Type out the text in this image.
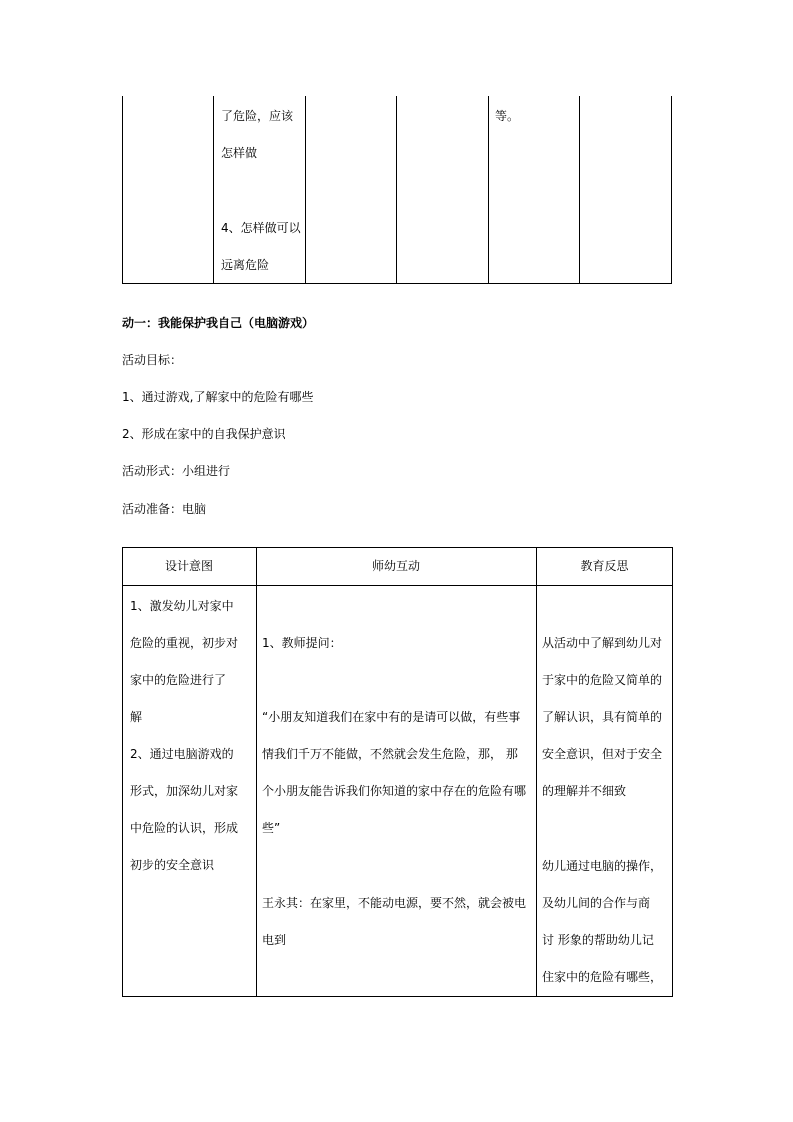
了危险，应该
怎样做
4、怎样做可以
远离危险
等。
动一：我能保护我自己（电脑游戏）
活动目标：
1、通过游戏,了解家中的危险有哪些
2、形成在家中的自我保护意识
活动形式：小组进行
活动准备：电脑
设计意图	师幼互动	教育反思
1、激发幼儿对家中
危险的重视，初步对
家中的危险进行了
解
2、通过电脑游戏的
形式，加深幼儿对家
中危险的认识，形成
初步的安全意识
1、教师提问：
“小朋友知道我们在家中有的是请可以做，有些事
情我们千万不能做，不然就会发生危险，那， 那
个小朋友能告诉我们你知道的家中存在的危险有哪
些”
王永其：在家里，不能动电源，要不然，就会被电
电到
从活动中了解到幼儿对
于家中的危险又简单的
了解认识，具有简单的
安全意识，但对于安全
的理解并不细致
幼儿通过电脑的操作，
及幼儿间的合作与商
讨 形象的帮助幼儿记
住家中的危险有哪些，
